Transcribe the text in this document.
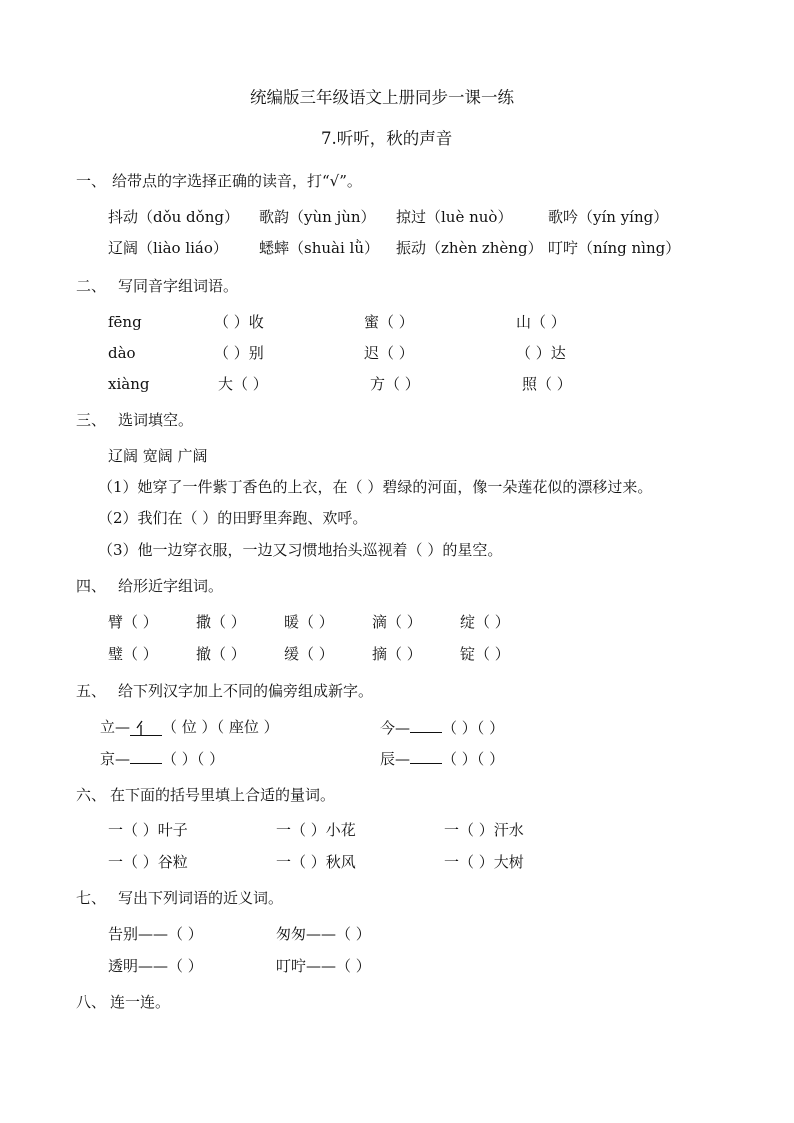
统编版三年级语文上册同步一课一练
7.听听，秋的声音
一、 给带点的字选择正确的读音，打“√”。
抖动（dǒu dǒng） 歌韵（yùn jùn） 掠过（luè nuò） 歌吟（yín yíng）
辽阔（liào liáo） 蟋蟀（shuài lǜ） 振动（zhèn zhèng） 叮咛（níng nìng）
二、 写同音字组词语。
fēng	（ ）收	蜜（ ）	山（ ）
dào	（ ）别	迟（ ）	（ ）达
xiàng	大（ ）	方（ ）	照（ ）
三、 选词填空。
辽阔 宽阔 广阔
（1）她穿了一件紫丁香色的上衣，在（ ）碧绿的河面，像一朵莲花似的漂移过来。
（2）我们在（ ）的田野里奔跑、欢呼。
（3）他一边穿衣服，一边又习惯地抬头巡视着（ ）的星空。
四、 给形近字组词。
臂（ ）	撒（ ）	暖（ ）	滴（ ）	绽（ ）
璧（ ）	撤（ ）	缓（ ）	摘（ ）	锭（ ）
五、 给下列汉字加上不同的偏旁组成新字。
立— （ 位 ）（ 座位 ）	今— （ ）（ ）
京— （ ）（ ）	辰— （ ）（ ）
六、 在下面的括号里填上合适的量词。
一（ ）叶子	一（ ）小花	一（ ）汗水
一（ ）谷粒	一（ ）秋风	一（ ）大树
七、 写出下列词语的近义词。
告别——（ ）	匆匆——（ ）
透明——（ ）	叮咛——（ ）
八、 连一连。
